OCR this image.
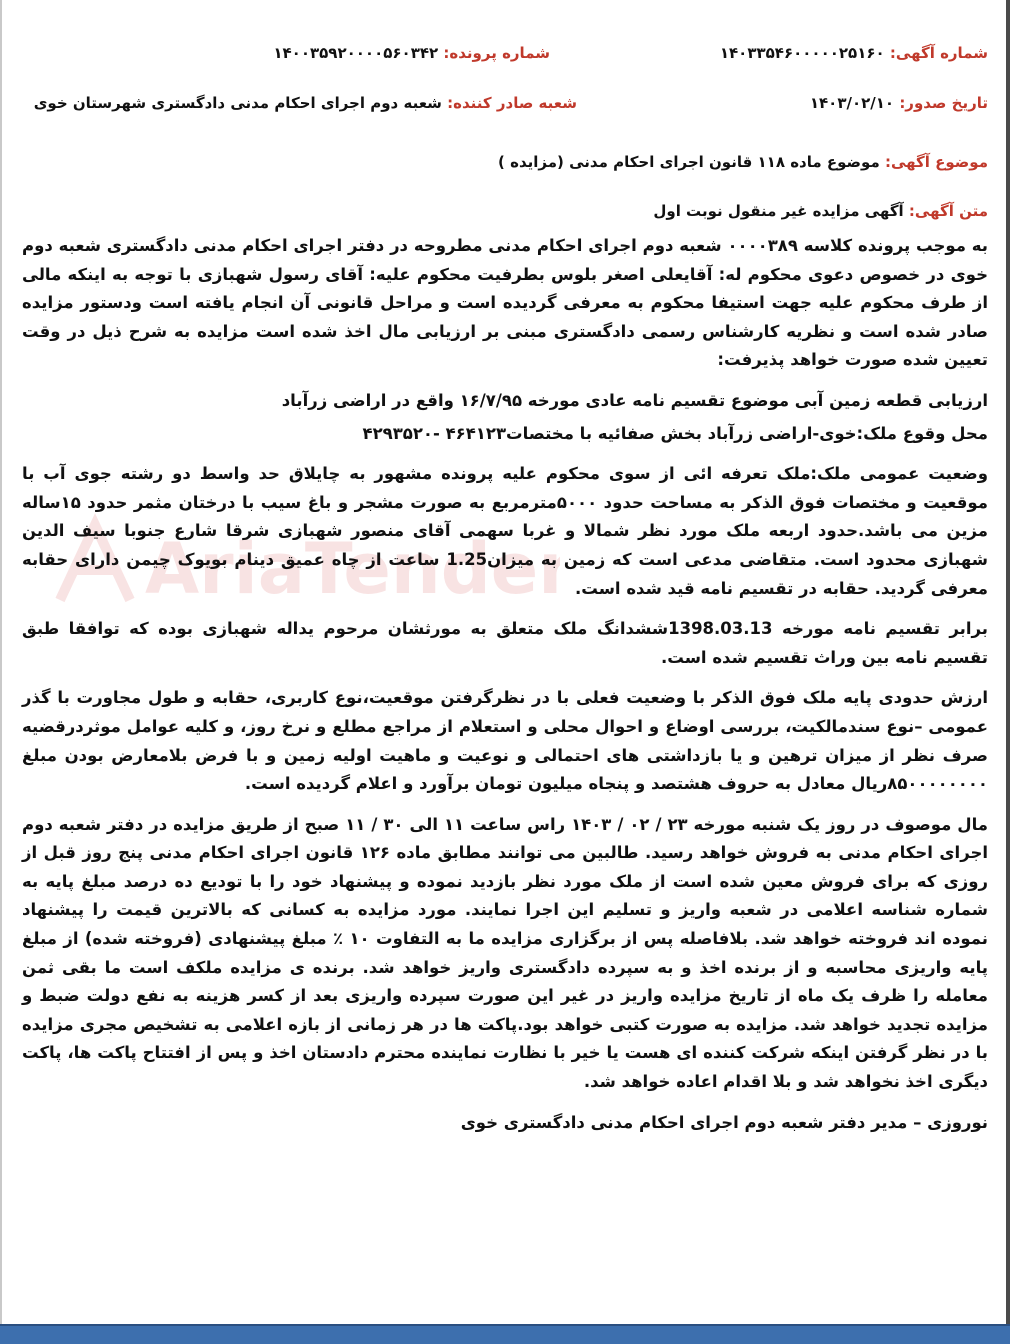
شماره آگهی: ۱۴۰۳۳۵۴۶۰۰۰۰۰۲۵۱۶۰
شماره پرونده: ۱۴۰۰۳۵۹۲۰۰۰۰۵۶۰۳۴۲
تاریخ صدور: ۱۴۰۳/۰۲/۱۰
شعبه صادر کننده: شعبه دوم اجرای احکام مدنی دادگستری شهرستان خوی
موضوع آگهی: موضوع ماده ۱۱۸ قانون اجرای احکام مدنی (مزایده )
متن آگهی: آگهی مزایده غیر منقول نوبت اول

به موجب پرونده کلاسه ۰۰۰۰۳۸۹ شعبه دوم اجرای احکام مدنی مطروحه در دفتر اجرای احکام مدنی دادگستری شعبه دوم خوی در خصوص دعوی محکوم له: آقایعلی اصغر بلوس بطرفیت محکوم علیه: آقای رسول شهبازی با توجه به اینکه مالی از طرف محکوم علیه جهت استیفا محکوم به معرفی گردیده است و مراحل قانونی آن انجام یافته است ودستور مزایده صادر شده است و نظریه کارشناس رسمی دادگستری مبنی بر ارزیابی مال اخذ شده است مزایده به شرح ذیل در وقت تعیین شده صورت خواهد پذیرفت:

ارزیابی قطعه زمین آبی موضوع تقسیم نامه عادی مورخه ۱۶/۷/۹۵ واقع در اراضی زرآباد

محل وقوع ملک:خوی-اراضی زرآباد بخش صفائیه با مختصات۴۶۴۱۲۳ -۴۲۹۳۵۲۰

وضعیت عمومی ملک:ملک تعرفه ائی از سوی محکوم علیه پرونده مشهور به چایلاق حد واسط دو رشته جوی آب با موقعیت و مختصات فوق الذکر به مساحت حدود ۵۰۰۰مترمربع به صورت مشجر و باغ سیب با درختان مثمر حدود ۱۵ساله مزین می باشد.حدود اربعه ملک مورد نظر شمالا و غربا سهمی آقای منصور شهبازی شرقا شارع جنوبا سیف الدین شهبازی محدود است. متقاضی مدعی است که زمین به میزان1.25 ساعت از چاه عمیق دینام بویوک چیمن دارای حقابه معرفی گردید. حقابه در تقسیم نامه قید شده است.

برابر تقسیم نامه مورخه 1398.03.13ششدانگ ملک متعلق به مورثشان مرحوم یداله شهبازی بوده که توافقا طبق تقسیم نامه بین وراث تقسیم شده است.

ارزش حدودی پایه ملک فوق الذکر با وضعیت فعلی با در نظرگرفتن موقعیت،نوع کاربری، حقابه و طول مجاورت با گذر عمومی –نوع سندمالکیت، بررسی اوضاع و احوال محلی و استعلام از مراجع مطلع و نرخ روز، و کلیه عوامل موثردرقضیه صرف نظر از میزان ترهین و یا بازداشتی های احتمالی و نوعیت و ماهیت اولیه زمین و با فرض بلامعارض بودن مبلغ ۸۵۰۰۰۰۰۰۰۰ریال معادل به حروف هشتصد و پنجاه میلیون تومان برآورد و اعلام گردیده است.

مال موصوف در روز یک شنبه مورخه ۲۳ / ۰۲ / ۱۴۰۳ راس ساعت ۱۱ الی ۳۰ / ۱۱ صبح از طریق مزایده در دفتر شعبه دوم اجرای احکام مدنی به فروش خواهد رسید. طالبین می توانند مطابق ماده ۱۲۶ قانون اجرای احکام مدنی پنج روز قبل از روزی که برای فروش معین شده است از ملک مورد نظر بازدید نموده و پیشنهاد خود را با تودیع ده درصد مبلغ پایه به شماره شناسه اعلامی در شعبه واریز و تسلیم این اجرا نمایند. مورد مزایده به کسانی که بالاترین قیمت را پیشنهاد نموده اند فروخته خواهد شد. بلافاصله پس از برگزاری مزایده ما به التفاوت ۱۰ ٪ مبلغ پیشنهادی (فروخته شده) از مبلغ پایه واریزی محاسبه و از برنده اخذ و به سپرده دادگستری واریز خواهد شد. برنده ی مزایده ملکف است ما بقی ثمن معامله را ظرف یک ماه از تاریخ مزایده واریز در غیر این صورت سپرده واریزی بعد از کسر هزینه به نفع دولت ضبط و مزایده تجدید خواهد شد. مزایده به صورت کتبی خواهد بود.پاکت ها در هر زمانی از بازه اعلامی به تشخیص مجری مزایده با در نظر گرفتن اینکه شرکت کننده ای هست یا خیر با نظارت نماینده محترم دادستان اخذ و پس از افتتاح پاکت ها، پاکت دیگری اخذ نخواهد شد و بلا اقدام اعاده خواهد شد.

نوروزی – مدیر دفتر شعبه دوم اجرای احکام مدنی دادگستری خوی
